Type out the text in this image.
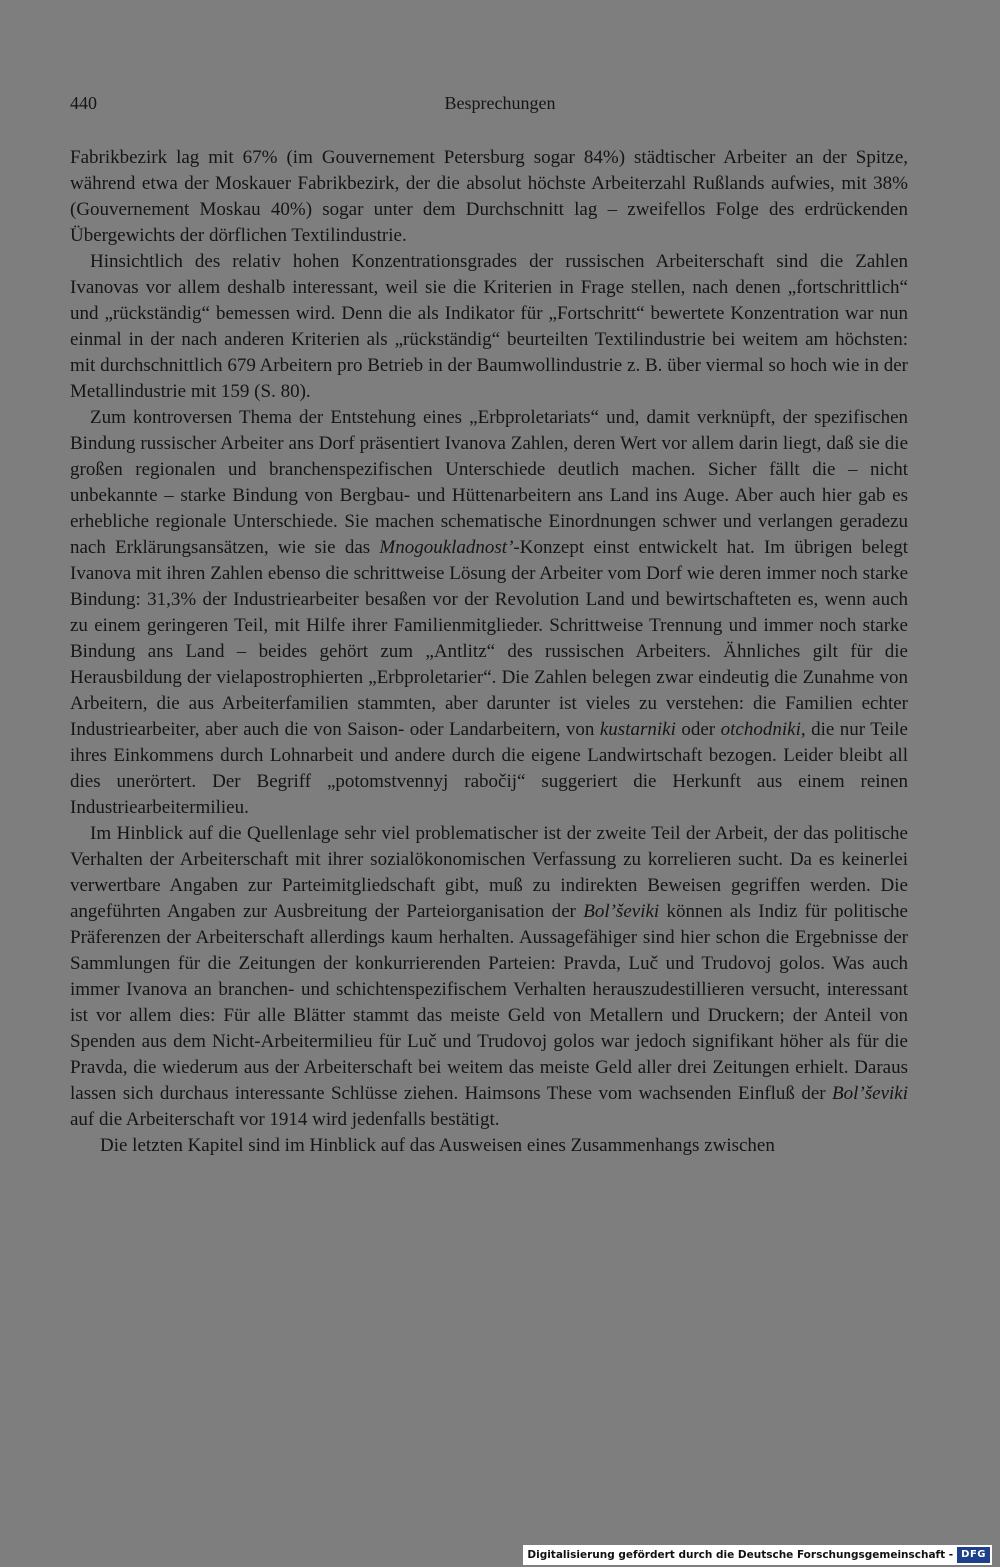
440	Besprechungen

Fabrikbezirk lag mit 67% (im Gouvernement Petersburg sogar 84%) städtischer Arbeiter an der Spitze, während etwa der Moskauer Fabrikbezirk, der die absolut höchste Arbeiterzahl Rußlands aufwies, mit 38% (Gouvernement Moskau 40%) sogar unter dem Durchschnitt lag – zweifellos Folge des erdrückenden Übergewichts der dörflichen Textilindustrie.

Hinsichtlich des relativ hohen Konzentrationsgrades der russischen Arbeiterschaft sind die Zahlen Ivanovas vor allem deshalb interessant, weil sie die Kriterien in Frage stellen, nach denen „fortschrittlich“ und „rückständig“ bemessen wird. Denn die als Indikator für „Fortschritt“ bewertete Konzentration war nun einmal in der nach anderen Kriterien als „rückständig“ beurteilten Textilindustrie bei weitem am höchsten: mit durchschnittlich 679 Arbeitern pro Betrieb in der Baumwollindustrie z. B. über viermal so hoch wie in der Metallindustrie mit 159 (S. 80).

Zum kontroversen Thema der Entstehung eines „Erbproletariats“ und, damit verknüpft, der spezifischen Bindung russischer Arbeiter ans Dorf präsentiert Ivanova Zahlen, deren Wert vor allem darin liegt, daß sie die großen regionalen und branchenspezifischen Unterschiede deutlich machen. Sicher fällt die – nicht unbekannte – starke Bindung von Bergbau- und Hüttenarbeitern ans Land ins Auge. Aber auch hier gab es erhebliche regionale Unterschiede. Sie machen schematische Einordnungen schwer und verlangen geradezu nach Erklärungsansätzen, wie sie das Mnogoukladnost’-Konzept einst entwickelt hat. Im übrigen belegt Ivanova mit ihren Zahlen ebenso die schrittweise Lösung der Arbeiter vom Dorf wie deren immer noch starke Bindung: 31,3% der Industriearbeiter besaßen vor der Revolution Land und bewirtschafteten es, wenn auch zu einem geringeren Teil, mit Hilfe ihrer Familienmitglieder. Schrittweise Trennung und immer noch starke Bindung ans Land – beides gehört zum „Antlitz“ des russischen Arbeiters. Ähnliches gilt für die Herausbildung der vielapostrophierten „Erbproletarier“. Die Zahlen belegen zwar eindeutig die Zunahme von Arbeitern, die aus Arbeiterfamilien stammten, aber darunter ist vieles zu verstehen: die Familien echter Industriearbeiter, aber auch die von Saison- oder Landarbeitern, von kustarniki oder otchodniki, die nur Teile ihres Einkommens durch Lohnarbeit und andere durch die eigene Landwirtschaft bezogen. Leider bleibt all dies unerörtert. Der Begriff „potomstvennyj rabočij“ suggeriert die Herkunft aus einem reinen Industriearbeitermilieu.

Im Hinblick auf die Quellenlage sehr viel problematischer ist der zweite Teil der Arbeit, der das politische Verhalten der Arbeiterschaft mit ihrer sozialökonomischen Verfassung zu korrelieren sucht. Da es keinerlei verwertbare Angaben zur Parteimitgliedschaft gibt, muß zu indirekten Beweisen gegriffen werden. Die angeführten Angaben zur Ausbreitung der Parteiorganisation der Bol’ševiki können als Indiz für politische Präferenzen der Arbeiterschaft allerdings kaum herhalten. Aussagefähiger sind hier schon die Ergebnisse der Sammlungen für die Zeitungen der konkurrierenden Parteien: Pravda, Luč und Trudovoj golos. Was auch immer Ivanova an branchen- und schichtenspezifischem Verhalten herauszudestillieren versucht, interessant ist vor allem dies: Für alle Blätter stammt das meiste Geld von Metallern und Druckern; der Anteil von Spenden aus dem Nicht-Arbeitermilieu für Luč und Trudovoj golos war jedoch signifikant höher als für die Pravda, die wiederum aus der Arbeiterschaft bei weitem das meiste Geld aller drei Zeitungen erhielt. Daraus lassen sich durchaus interessante Schlüsse ziehen. Haimsons These vom wachsenden Einfluß der Bol’ševiki auf die Arbeiterschaft vor 1914 wird jedenfalls bestätigt.

Die letzten Kapitel sind im Hinblick auf das Ausweisen eines Zusammenhangs zwischen

Digitalisierung gefördert durch die Deutsche Forschungsgemeinschaft - DFG
